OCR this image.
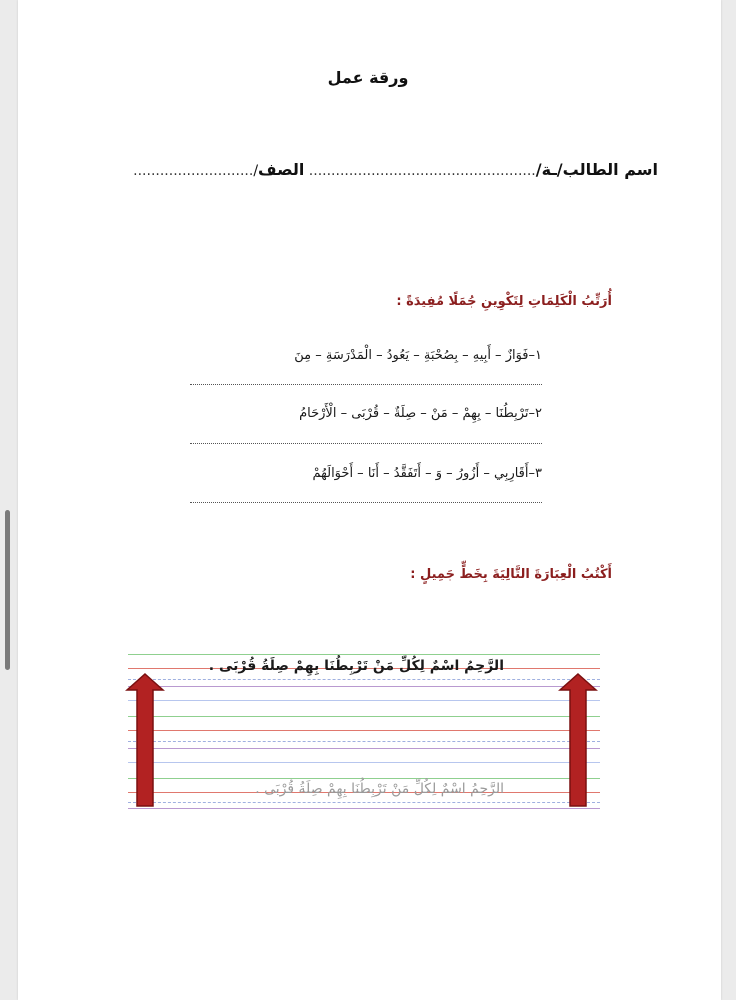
ورقة عمل
اسم الطالب/ـة/................................................... الصف/...........................
أُرَتِّبُ الْكَلِمَاتِ لِتَكْوِينِ جُمَلًا مُفِيدَةً :
١–فَوَازٌ – أَبِيهِ – بِصُحْبَةِ – يَعُودُ – الْمَدْرَسَةِ – مِنَ
٢–تَرْبِطُنَا – بِهِمْ – مَنْ – صِلَةٌ – قُرْبَى – الْأَرْحَامُ
٣–أَقَارِبِي – أَزُورُ – وَ – أَتَفَقَّدُ – أَنَا – أَحْوَالَهُمْ
أَكْتُبُ الْعِبَارَةَ التَّالِيَةَ بِخَطٍّ جَمِيلٍ :
الرَّحِمُ اسْمٌ لِكُلِّ مَنْ تَرْبِطُنَا بِهِمْ صِلَةُ قُرْبَى .
الرَّحِمُ اسْمٌ لِكُلِّ مَنْ تَرْبِطُنَا بِهِمْ صِلَةُ قُرْبَى .
